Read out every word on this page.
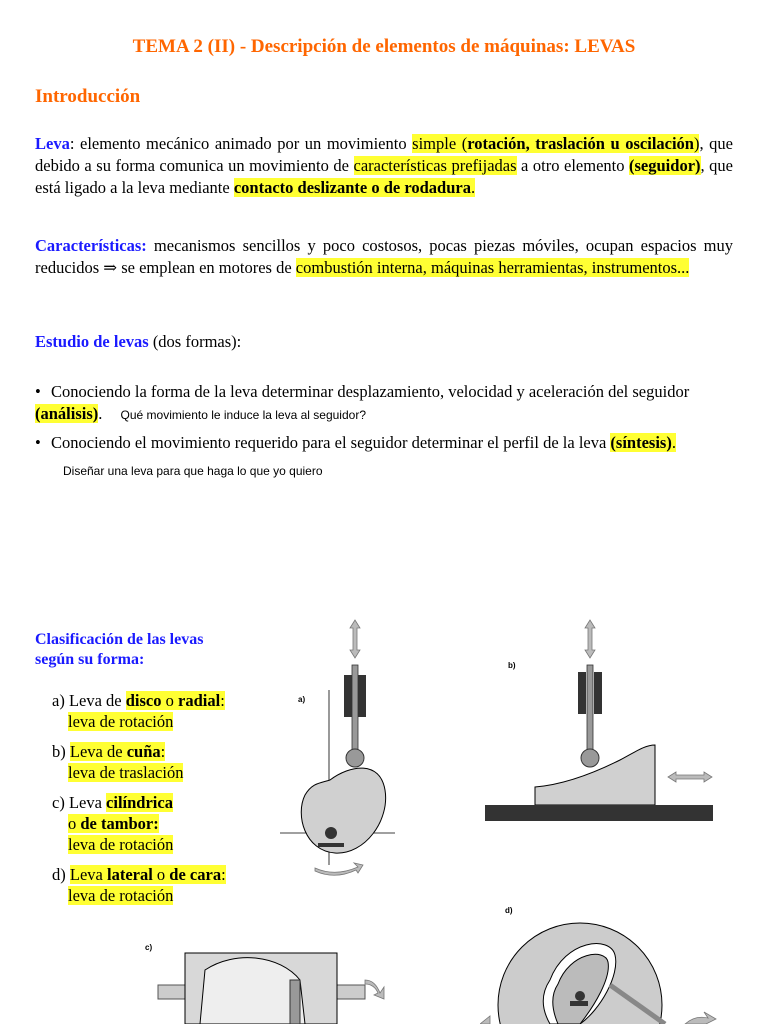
TEMA 2 (II) - Descripción de elementos de máquinas: LEVAS
Introducción
Leva: elemento mecánico animado por un movimiento simple (rotación, traslación u oscilación), que debido a su forma comunica un movimiento de características prefijadas a otro elemento (seguidor), que está ligado a la leva mediante contacto deslizante o de rodadura.
Características: mecanismos sencillos y poco costosos, pocas piezas móviles, ocupan espacios muy reducidos ⇒ se emplean en motores de combustión interna, máquinas herramientas, instrumentos...
Estudio de levas (dos formas):
• Conociendo la forma de la leva determinar desplazamiento, velocidad y aceleración del seguidor (análisis). Qué movimiento le induce la leva al seguidor?
• Conociendo el movimiento requerido para el seguidor determinar el perfil de la leva (síntesis).
Diseñar una leva para que haga lo que yo quiero
Clasificación de las levas
según su forma:
a) Leva de disco o radial:
leva de rotación
b) Leva de cuña:
leva de traslación
c) Leva cilíndrica
o de tambor:
leva de rotación
d) Leva lateral o de cara:
leva de rotación
a)
b)
c)
d)
